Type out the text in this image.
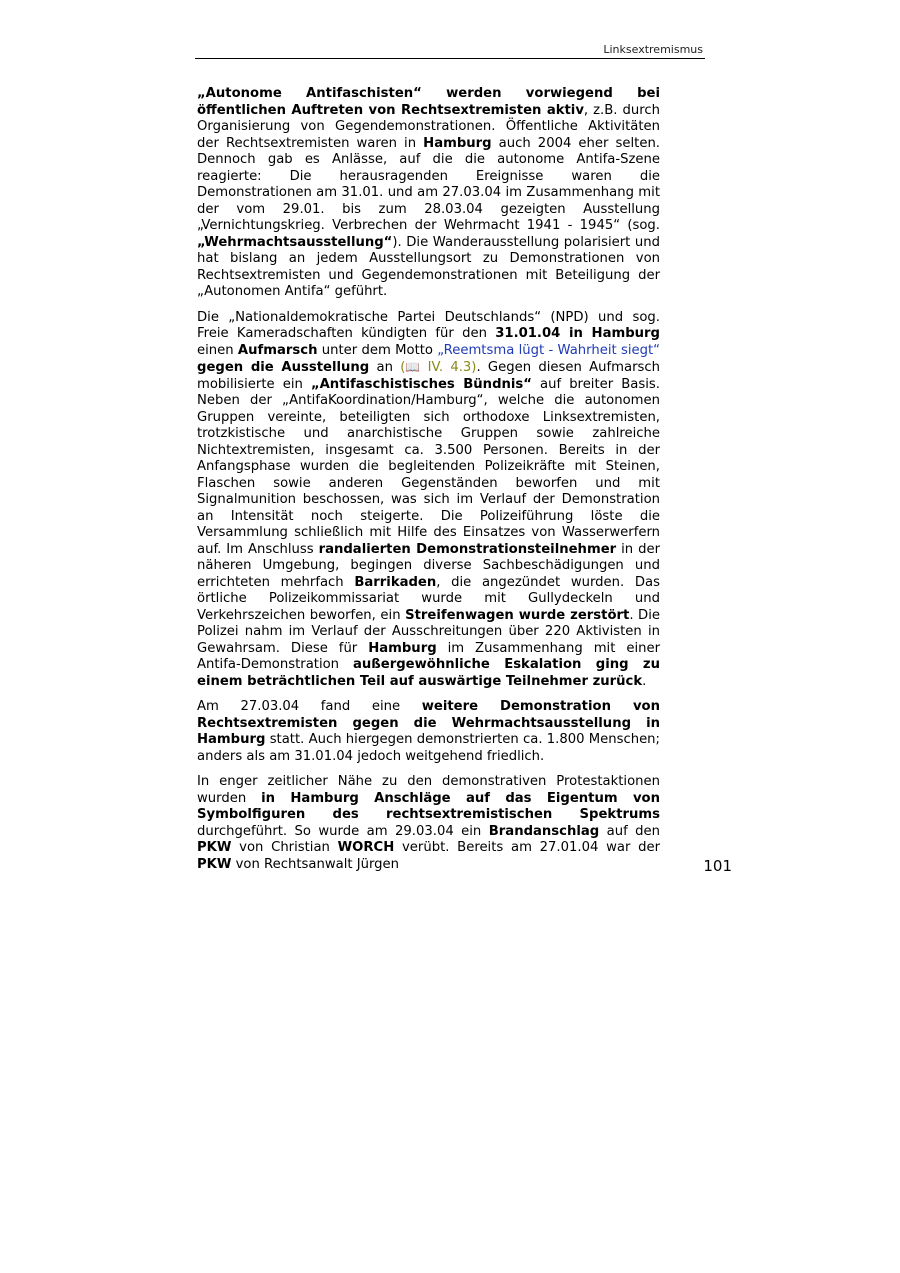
Linksextremismus

„Autonome Antifaschisten“ werden vorwiegend bei öffentlichen Auftreten von Rechtsextremisten aktiv, z.B. durch Organisierung von Gegendemonstrationen. Öffentliche Aktivitäten der Rechtsextremisten waren in Hamburg auch 2004 eher selten. Dennoch gab es Anlässe, auf die die autonome Antifa-Szene reagierte: Die herausragenden Ereignisse waren die Demonstrationen am 31.01. und am 27.03.04 im Zusammenhang mit der vom 29.01. bis zum 28.03.04 gezeigten Ausstellung „Vernichtungskrieg. Verbrechen der Wehrmacht 1941 - 1945“ (sog. „Wehrmachtsausstellung“). Die Wanderausstellung polarisiert und hat bislang an jedem Ausstellungsort zu Demonstrationen von Rechtsextremisten und Gegendemonstrationen mit Beteiligung der „Autonomen Antifa“ geführt.

Die „Nationaldemokratische Partei Deutschlands“ (NPD) und sog. Freie Kameradschaften kündigten für den 31.01.04 in Hamburg einen Aufmarsch unter dem Motto „Reemtsma lügt - Wahrheit siegt“ gegen die Ausstellung an (📖 IV. 4.3). Gegen diesen Aufmarsch mobilisierte ein „Antifaschistisches Bündnis“ auf breiter Basis. Neben der „AntifaKoordination/Hamburg“, welche die autonomen Gruppen vereinte, beteiligten sich orthodoxe Linksextremisten, trotzkistische und anarchistische Gruppen sowie zahlreiche Nichtextremisten, insgesamt ca. 3.500 Personen. Bereits in der Anfangsphase wurden die begleitenden Polizeikräfte mit Steinen, Flaschen sowie anderen Gegenständen beworfen und mit Signalmunition beschossen, was sich im Verlauf der Demonstration an Intensität noch steigerte. Die Polizeiführung löste die Versammlung schließlich mit Hilfe des Einsatzes von Wasserwerfern auf. Im Anschluss randalierten Demonstrationsteilnehmer in der näheren Umgebung, begingen diverse Sachbeschädigungen und errichteten mehrfach Barrikaden, die angezündet wurden. Das örtliche Polizeikommissariat wurde mit Gullydeckeln und Verkehrszeichen beworfen, ein Streifenwagen wurde zerstört. Die Polizei nahm im Verlauf der Ausschreitungen über 220 Aktivisten in Gewahrsam. Diese für Hamburg im Zusammenhang mit einer Antifa-Demonstration außergewöhnliche Eskalation ging zu einem beträchtlichen Teil auf auswärtige Teilnehmer zurück.

Am 27.03.04 fand eine weitere Demonstration von Rechtsextremisten gegen die Wehrmachtsausstellung in Hamburg statt. Auch hiergegen demonstrierten ca. 1.800 Menschen; anders als am 31.01.04 jedoch weitgehend friedlich.

In enger zeitlicher Nähe zu den demonstrativen Protestaktionen wurden in Hamburg Anschläge auf das Eigentum von Symbolfiguren des rechtsextremistischen Spektrums durchgeführt. So wurde am 29.03.04 ein Brandanschlag auf den PKW von Christian WORCH verübt. Bereits am 27.01.04 war der PKW von Rechtsanwalt Jürgen	101
